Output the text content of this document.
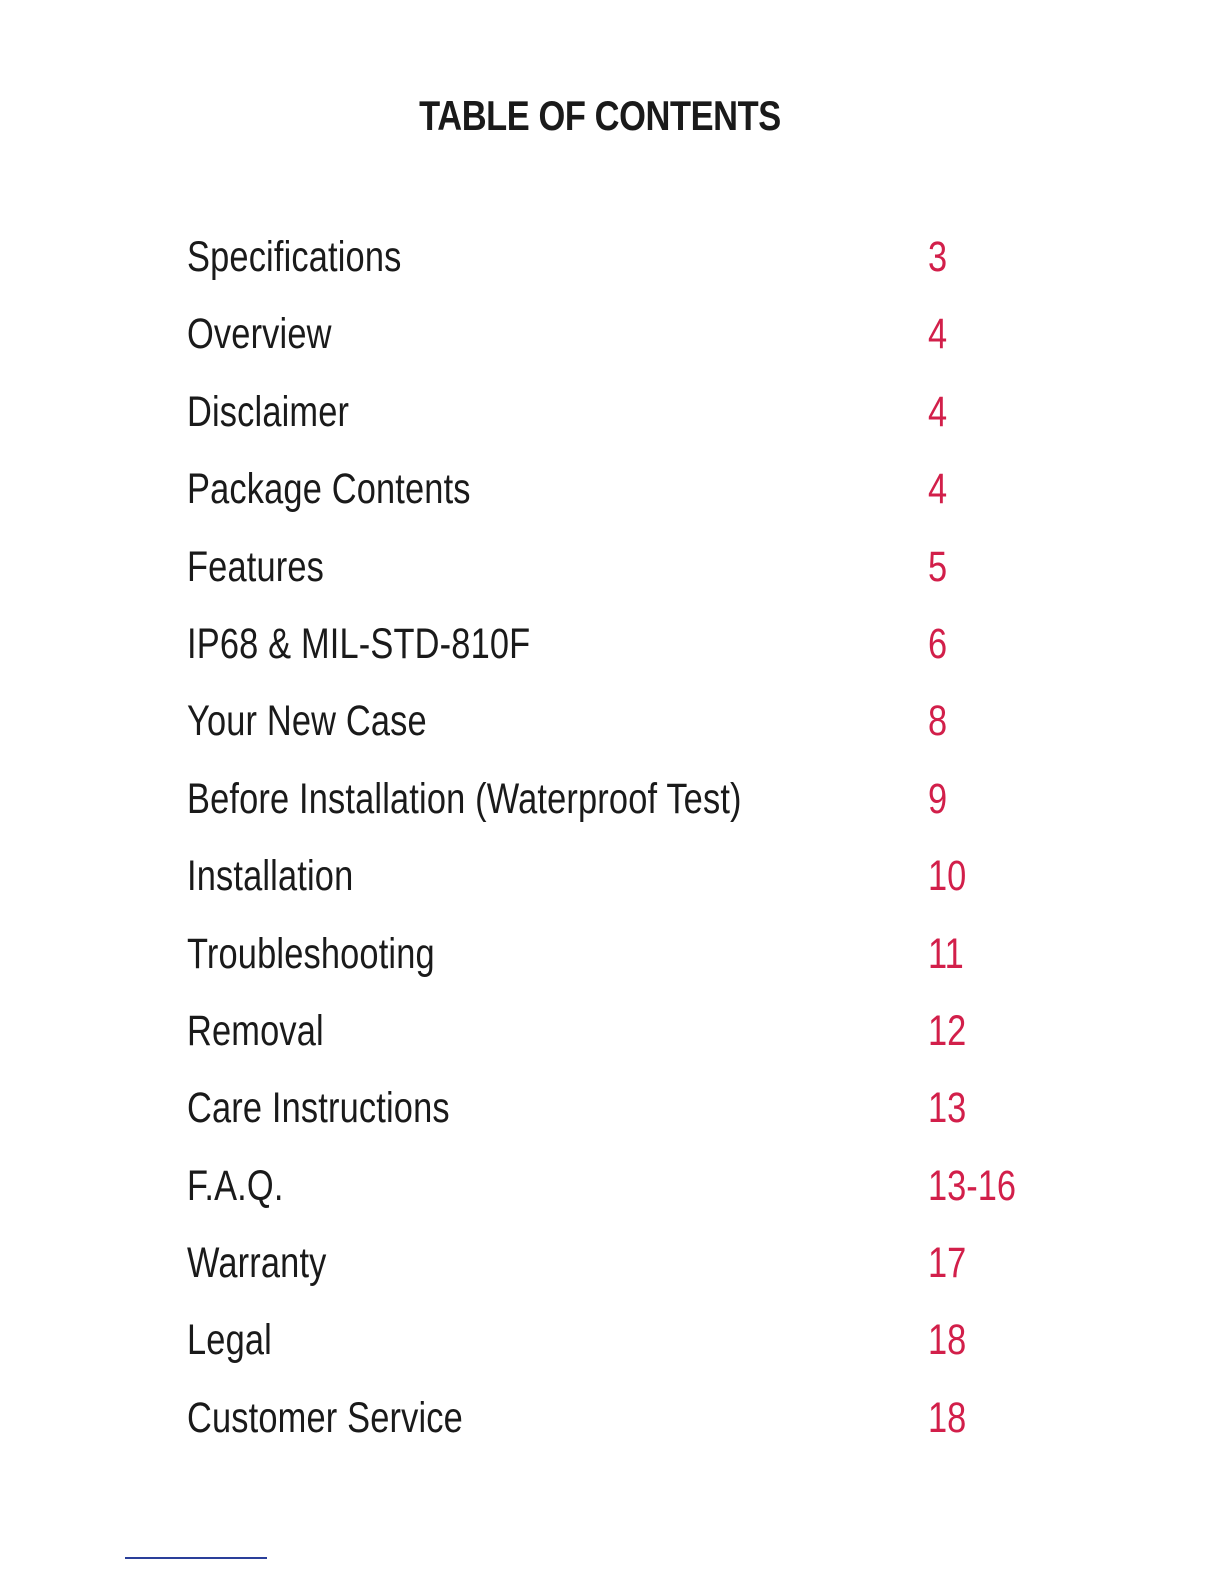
TABLE OF CONTENTS
Specifications	3
Overview	4
Disclaimer	4
Package Contents	4
Features	5
IP68 & MIL-STD-810F	6
Your New Case	8
Before Installation (Waterproof Test)	9
Installation	10
Troubleshooting	11
Removal	12
Care Instructions	13
F.A.Q.	13-16
Warranty	17
Legal	18
Customer Service	18
